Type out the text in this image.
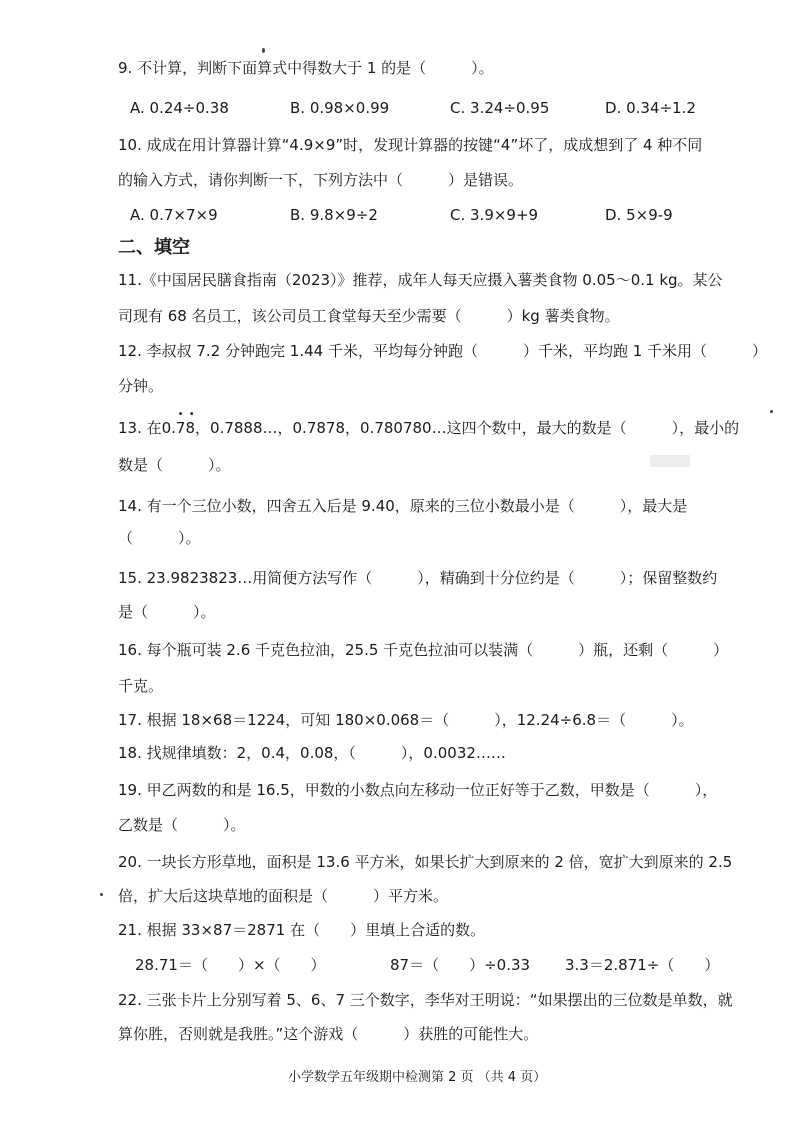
9. 不计算，判断下面算式中得数大于 1 的是（　　　）。
A. 0.24÷0.38	B. 0.98×0.99	C. 3.24÷0.95	D. 0.34÷1.2
10. 成成在用计算器计算“4.9×9”时，发现计算器的按键“4”坏了，成成想到了 4 种不同
的输入方式，请你判断一下，下列方法中（　　　）是错误。
A. 0.7×7×9	B. 9.8×9÷2	C. 3.9×9+9	D. 5×9-9
二、填空
11.《中国居民膳食指南（2023）》推荐，成年人每天应摄入薯类食物 0.05～0.1 kg。某公
司现有 68 名员工，该公司员工食堂每天至少需要（　　　）kg 薯类食物。
12. 李叔叔 7.2 分钟跑完 1.44 千米，平均每分钟跑（　　　）千米，平均跑 1 千米用（　　　）
分钟。
13. 在
• •
0.78，0.7888…，0.7878，0.780780…这四个数中，最大的数是（　　　），最小的
数是（　　　）。
14. 有一个三位小数，四舍五入后是 9.40，原来的三位小数最小是（　　　），最大是
（　　　）。
15. 23.9823823…用简便方法写作（　　　），精确到十分位约是（　　　）；保留整数约
是（　　　）。
16. 每个瓶可装 2.6 千克色拉油，25.5 千克色拉油可以装满（　　　）瓶，还剩（　　　）
千克。
17. 根据 18×68＝1224，可知 180×0.068＝（　　　），12.24÷6.8＝（　　　）。
18. 找规律填数：2，0.4，0.08，（　　　），0.0032……
19. 甲乙两数的和是 16.5，甲数的小数点向左移动一位正好等于乙数，甲数是（　　　），
乙数是（　　　）。
20. 一块长方形草地，面积是 13.6 平方米，如果长扩大到原来的 2 倍，宽扩大到原来的 2.5
倍，扩大后这块草地的面积是（　　　）平方米。
21. 根据 33×87＝2871 在（　　）里填上合适的数。
28.71＝（　　）×（　　）	87＝（　　）÷0.33 3.3＝2.871÷（　　）
22. 三张卡片上分别写着 5、6、7 三个数字，李华对王明说：“如果摆出的三位数是单数，就
算你胜，否则就是我胜。”这个游戏（　　　）获胜的可能性大。
小学数学五年级期中检测第 2 页 （共 4 页）
